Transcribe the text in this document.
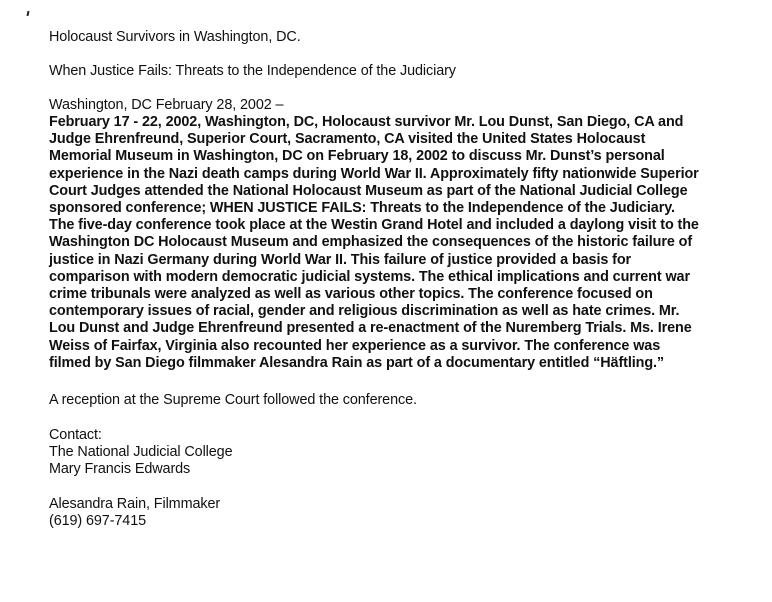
Holocaust Survivors in Washington, DC.

When Justice Fails: Threats to the Independence of the Judiciary

Washington, DC February 28, 2002 –

February 17 - 22, 2002, Washington, DC, Holocaust survivor Mr. Lou Dunst, San Diego, CA and
Judge Ehrenfreund, Superior Court, Sacramento, CA visited the United States Holocaust
Memorial Museum in Washington, DC on February 18, 2002 to discuss Mr. Dunst’s personal
experience in the Nazi death camps during World War II. Approximately fifty nationwide Superior
Court Judges attended the National Holocaust Museum as part of the National Judicial College
sponsored conference; WHEN JUSTICE FAILS: Threats to the Independence of the Judiciary.
The five-day conference took place at the Westin Grand Hotel and included a daylong visit to the
Washington DC Holocaust Museum and emphasized the consequences of the historic failure of
justice in Nazi Germany during World War II. This failure of justice provided a basis for
comparison with modern democratic judicial systems. The ethical implications and current war
crime tribunals were analyzed as well as various other topics. The conference focused on
contemporary issues of racial, gender and religious discrimination as well as hate crimes. Mr.
Lou Dunst and Judge Ehrenfreund presented a re-enactment of the Nuremberg Trials. Ms. Irene
Weiss of Fairfax, Virginia also recounted her experience as a survivor. The conference was
filmed by San Diego filmmaker Alesandra Rain as part of a documentary entitled “Häftling.”

A reception at the Supreme Court followed the conference.

Contact:
The National Judicial College
Mary Francis Edwards
Alesandra Rain, Filmmaker
(619) 697-7415
